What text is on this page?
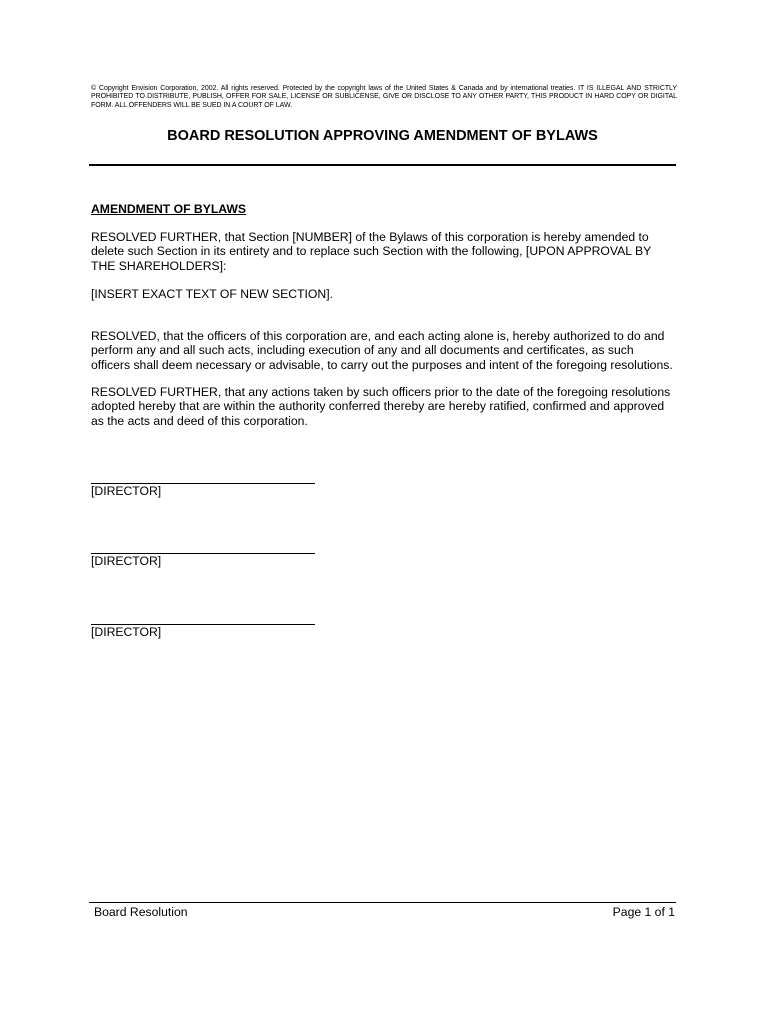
© Copyright Envision Corporation, 2002. All rights reserved. Protected by the copyright laws of the United States & Canada and by international treaties. IT IS ILLEGAL AND STRICTLY PROHIBITED TO DISTRIBUTE, PUBLISH, OFFER FOR SALE, LICENSE OR SUBLICENSE, GIVE OR DISCLOSE TO ANY OTHER PARTY, THIS PRODUCT IN HARD COPY OR DIGITAL FORM. ALL OFFENDERS WILL BE SUED IN A COURT OF LAW.
BOARD RESOLUTION APPROVING AMENDMENT OF BYLAWS
AMENDMENT OF BYLAWS

RESOLVED FURTHER, that Section [NUMBER] of the Bylaws of this corporation is hereby amended to delete such Section in its entirety and to replace such Section with the following, [UPON APPROVAL BY THE SHAREHOLDERS]:

[INSERT EXACT TEXT OF NEW SECTION].

RESOLVED, that the officers of this corporation are, and each acting alone is, hereby authorized to do and perform any and all such acts, including execution of any and all documents and certificates, as such officers shall deem necessary or advisable, to carry out the purposes and intent of the foregoing resolutions.

RESOLVED FURTHER, that any actions taken by such officers prior to the date of the foregoing resolutions adopted hereby that are within the authority conferred thereby are hereby ratified, confirmed and approved as the acts and deed of this corporation.

[DIRECTOR]
[DIRECTOR]
[DIRECTOR]
Board Resolution	Page 1 of 1
